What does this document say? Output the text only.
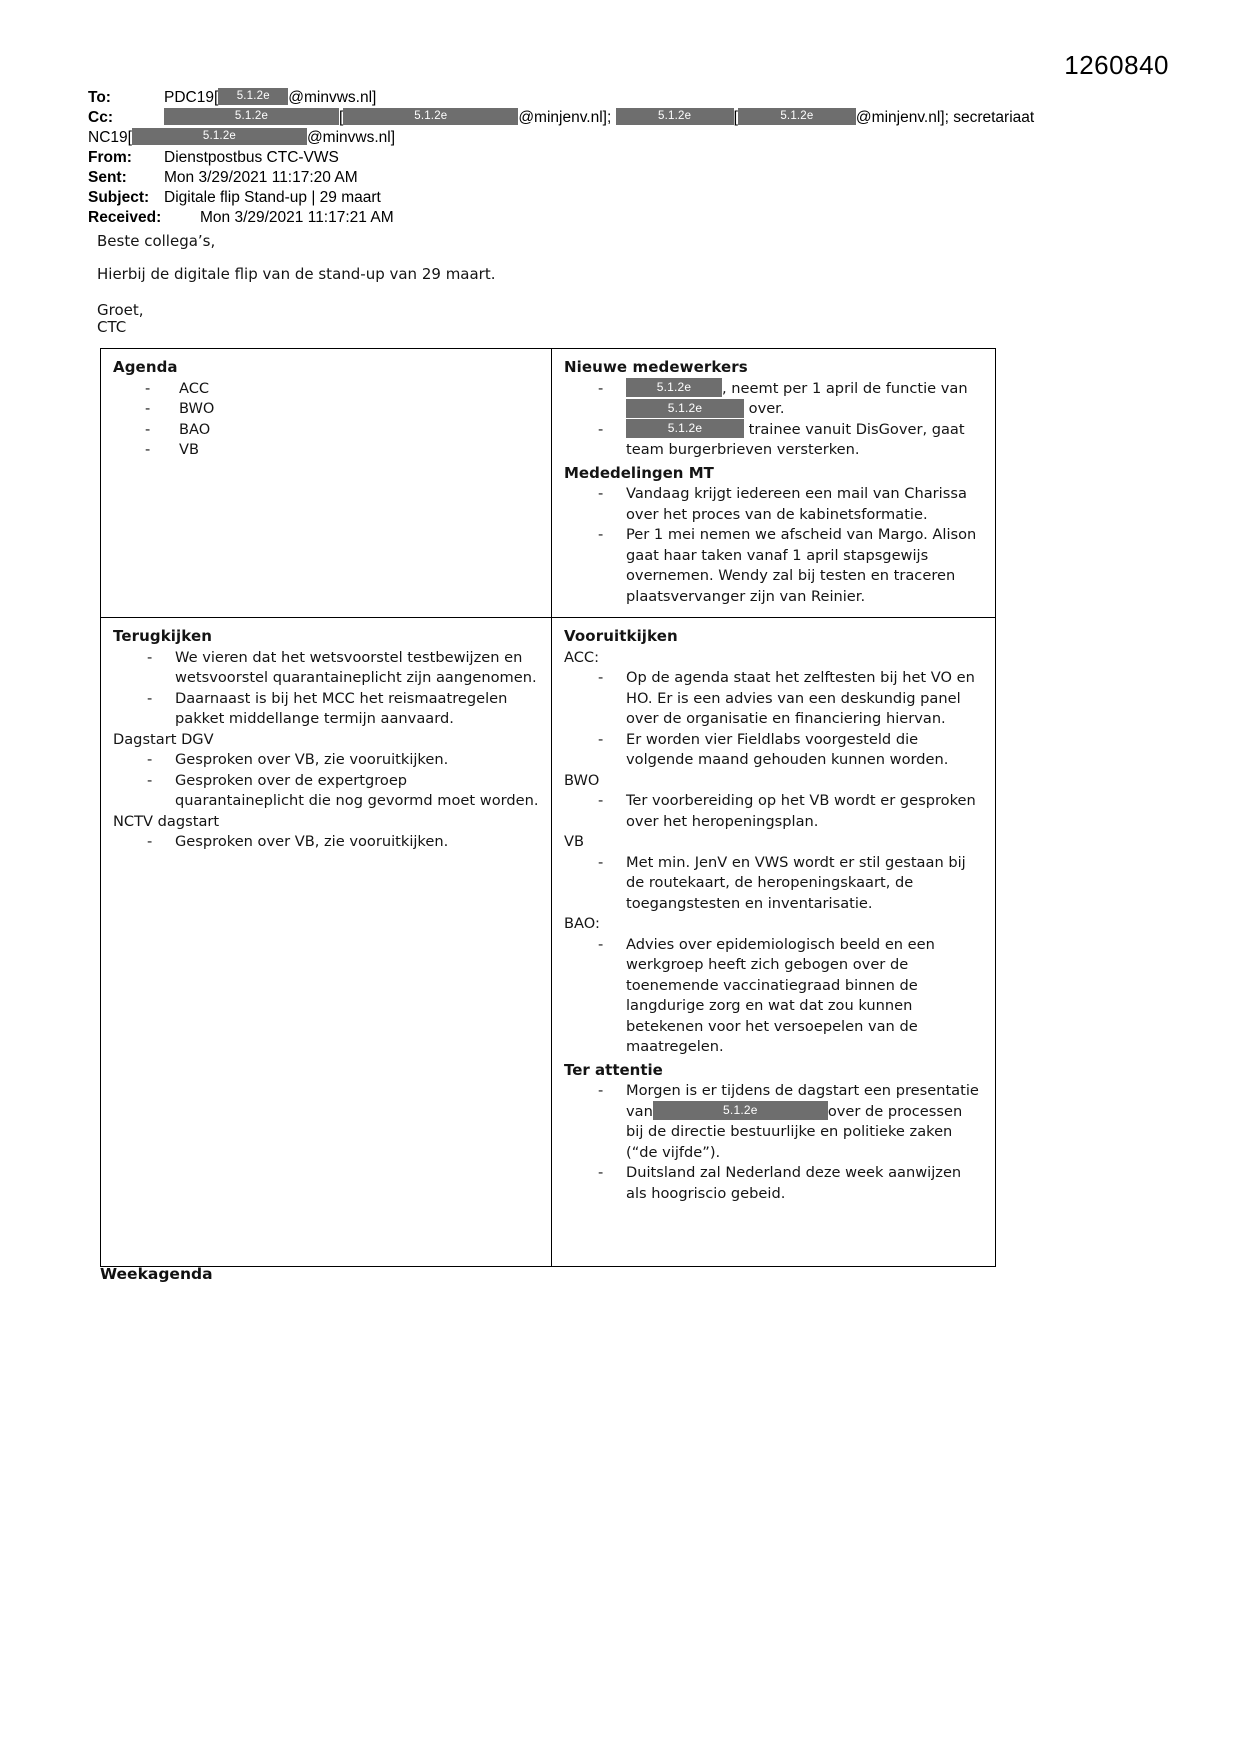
1260840
To:	PDC19[ 5.1.2e @minvws.nl]
Cc:	5.1.2e	[	5.1.2e	@minjenv.nl];	5.1.2e	[	5.1.2e	@minjenv.nl]; secretariaat
NC19[	5.1.2e	@minvws.nl]
From: Dienstpostbus CTC-VWS
Sent: Mon 3/29/2021 11:17:20 AM
Subject: Digitale flip Stand-up | 29 maart
Received:	Mon 3/29/2021 11:17:21 AM
Beste collega’s,
Hierbij de digitale flip van de stand-up van 29 maart.
Groet,
CTC
Agenda
- ACC
- BWO
- BAO
- VB

Nieuwe medewerkers
- 5.1.2e , neemt per 1 april de functie van
5.1.2e	over.
- 5.1.2e	trainee vanuit DisGover, gaat
team burgerbrieven versterken.
Mededelingen MT
- Vandaag krijgt iedereen een mail van Charissa over het proces van de kabinetsformatie.
- Per 1 mei nemen we afscheid van Margo. Alison gaat haar taken vanaf 1 april stapsgewijs overnemen. Wendy zal bij testen en traceren plaatsvervanger zijn van Reinier.

Terugkijken
- We vieren dat het wetsvoorstel testbewijzen en wetsvoorstel quarantaineplicht zijn aangenomen.
- Daarnaast is bij het MCC het reismaatregelen pakket middellange termijn aanvaard.
Dagstart DGV
- Gesproken over VB, zie vooruitkijken.
- Gesproken over de expertgroep quarantaineplicht die nog gevormd moet worden.
NCTV dagstart
- Gesproken over VB, zie vooruitkijken.

Vooruitkijken
ACC:
- Op de agenda staat het zelftesten bij het VO en HO. Er is een advies van een deskundig panel over de organisatie en financiering hiervan.
- Er worden vier Fieldlabs voorgesteld die volgende maand gehouden kunnen worden.
BWO
- Ter voorbereiding op het VB wordt er gesproken over het heropeningsplan.
VB
- Met min. JenV en VWS wordt er stil gestaan bij de routekaart, de heropeningskaart, de toegangstesten en inventarisatie.
BAO:
- Advies over epidemiologisch beeld en een werkgroep heeft zich gebogen over de toenemende vaccinatiegraad binnen de langdurige zorg en wat dat zou kunnen betekenen voor het versoepelen van de maatregelen.
Ter attentie
- Morgen is er tijdens de dagstart een presentatie van	5.1.2e	over de processen bij de directie bestuurlijke en politieke zaken (“de vijfde”).
- Duitsland zal Nederland deze week aanwijzen als hoogriscio gebeid.
Weekagenda
